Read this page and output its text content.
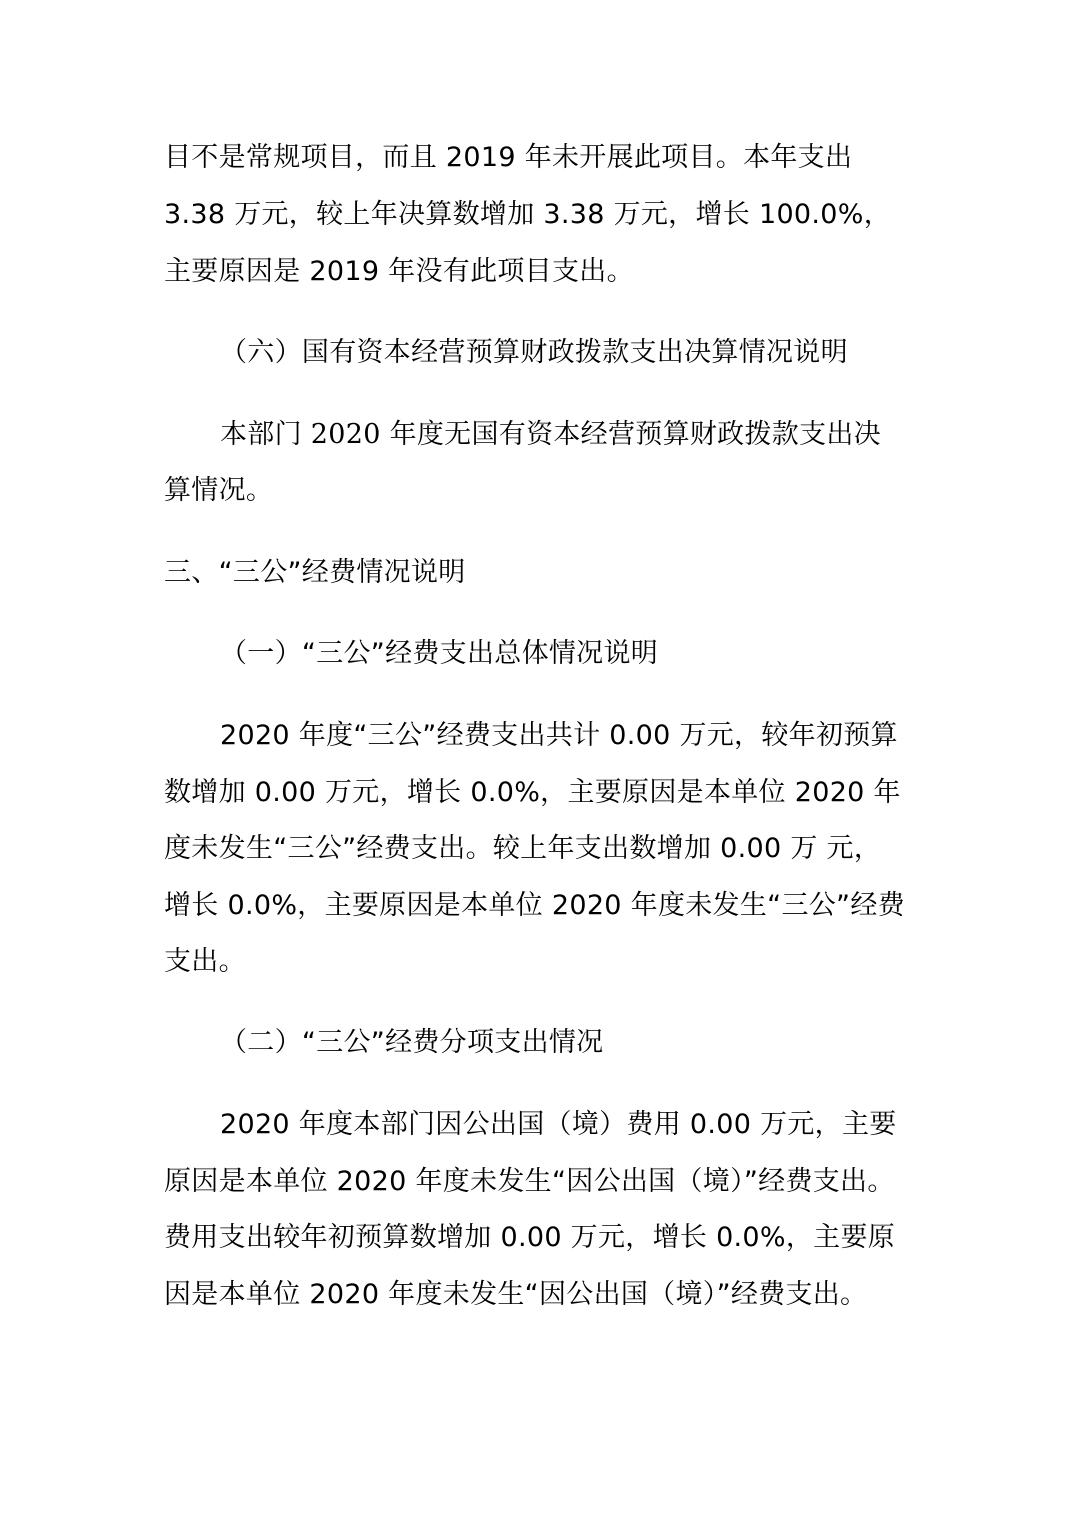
目不是常规项目，而且 2019 年未开展此项目。本年支出
3.38 万元，较上年决算数增加 3.38 万元，增长 100.0%，
主要原因是 2019 年没有此项目支出。
（六）国有资本经营预算财政拨款支出决算情况说明
本部门 2020 年度无国有资本经营预算财政拨款支出决
算情况。
三、“三公”经费情况说明
（一）“三公”经费支出总体情况说明
2020 年度“三公”经费支出共计 0.00 万元，较年初预算
数增加 0.00 万元，增长 0.0%，主要原因是本单位 2020 年
度未发生“三公”经费支出。较上年支出数增加 0.00 万 元，
增长 0.0%，主要原因是本单位 2020 年度未发生“三公”经费
支出。
（二）“三公”经费分项支出情况
2020 年度本部门因公出国（境）费用 0.00 万元，主要
原因是本单位 2020 年度未发生“因公出国（境）”经费支出。
费用支出较年初预算数增加 0.00 万元，增长 0.0%，主要原
因是本单位 2020 年度未发生“因公出国（境）”经费支出。
